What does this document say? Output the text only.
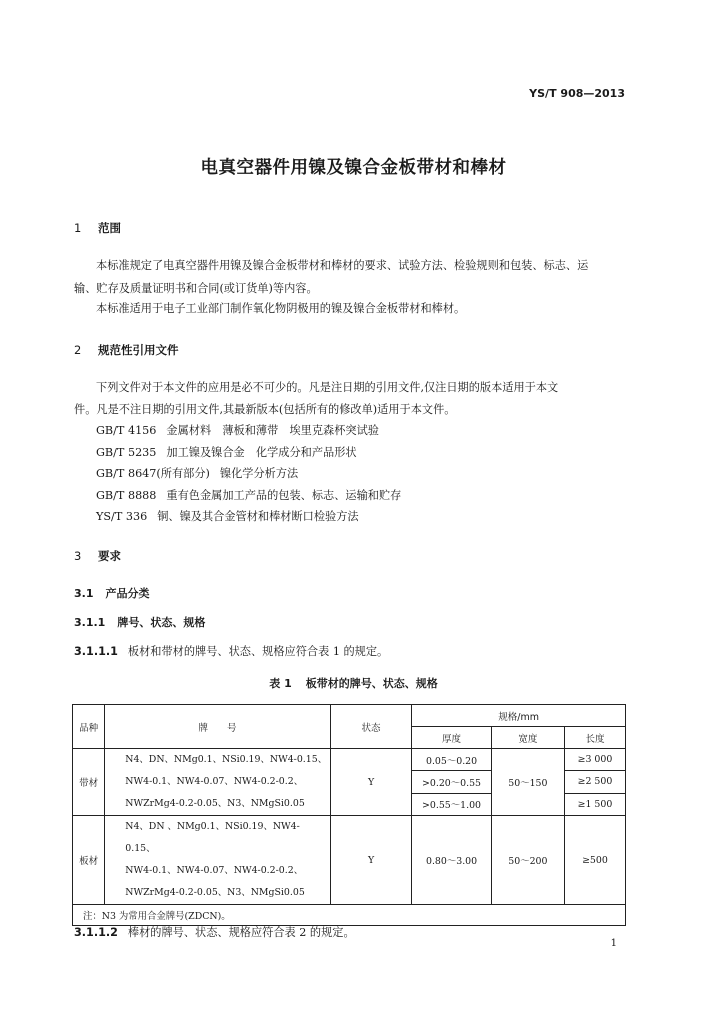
YS/T 908—2013
电真空器件用镍及镍合金板带材和棒材
1 范围
本标准规定了电真空器件用镍及镍合金板带材和棒材的要求、试验方法、检验规则和包装、标志、运
输、贮存及质量证明书和合同(或订货单)等内容。
本标准适用于电子工业部门制作氧化物阴极用的镍及镍合金板带材和棒材。
2 规范性引用文件
下列文件对于本文件的应用是必不可少的。凡是注日期的引用文件,仅注日期的版本适用于本文
件。凡是不注日期的引用文件,其最新版本(包括所有的修改单)适用于本文件。
GB/T 4156 金属材料　薄板和薄带　埃里克森杯突试验
GB/T 5235 加工镍及镍合金　化学成分和产品形状
GB/T 8647(所有部分) 镍化学分析方法
GB/T 8888 重有色金属加工产品的包装、标志、运输和贮存
YS/T 336 铜、镍及其合金管材和棒材断口检验方法
3 要求
3.1 产品分类
3.1.1 牌号、状态、规格
3.1.1.1 板材和带材的牌号、状态、规格应符合表 1 的规定。
表 1 板带材的牌号、状态、规格
品种	牌　　号	状态	规格/mm		
			厚度	宽度	长度
带材	N4、DN、NMg0.1、NSi0.19、NW4-0.15、
NW4-0.1、NW4-0.07、NW4-0.2-0.2、
NWZrMg4-0.2-0.05、N3、NMgSi0.05	Y	0.05～0.20	50～150	≥3 000
			>0.20～0.55		≥2 500
			>0.55～1.00		≥1 500
板材	N4、DN 、NMg0.1、NSi0.19、NW4-0.15、
NW4-0.1、NW4-0.07、NW4-0.2-0.2、
NWZrMg4-0.2-0.05、N3、NMgSi0.05	Y	0.80～3.00	50～200	≥500
注：N3 为常用合金牌号(ZDCN)。					
3.1.1.2 棒材的牌号、状态、规格应符合表 2 的规定。
1
